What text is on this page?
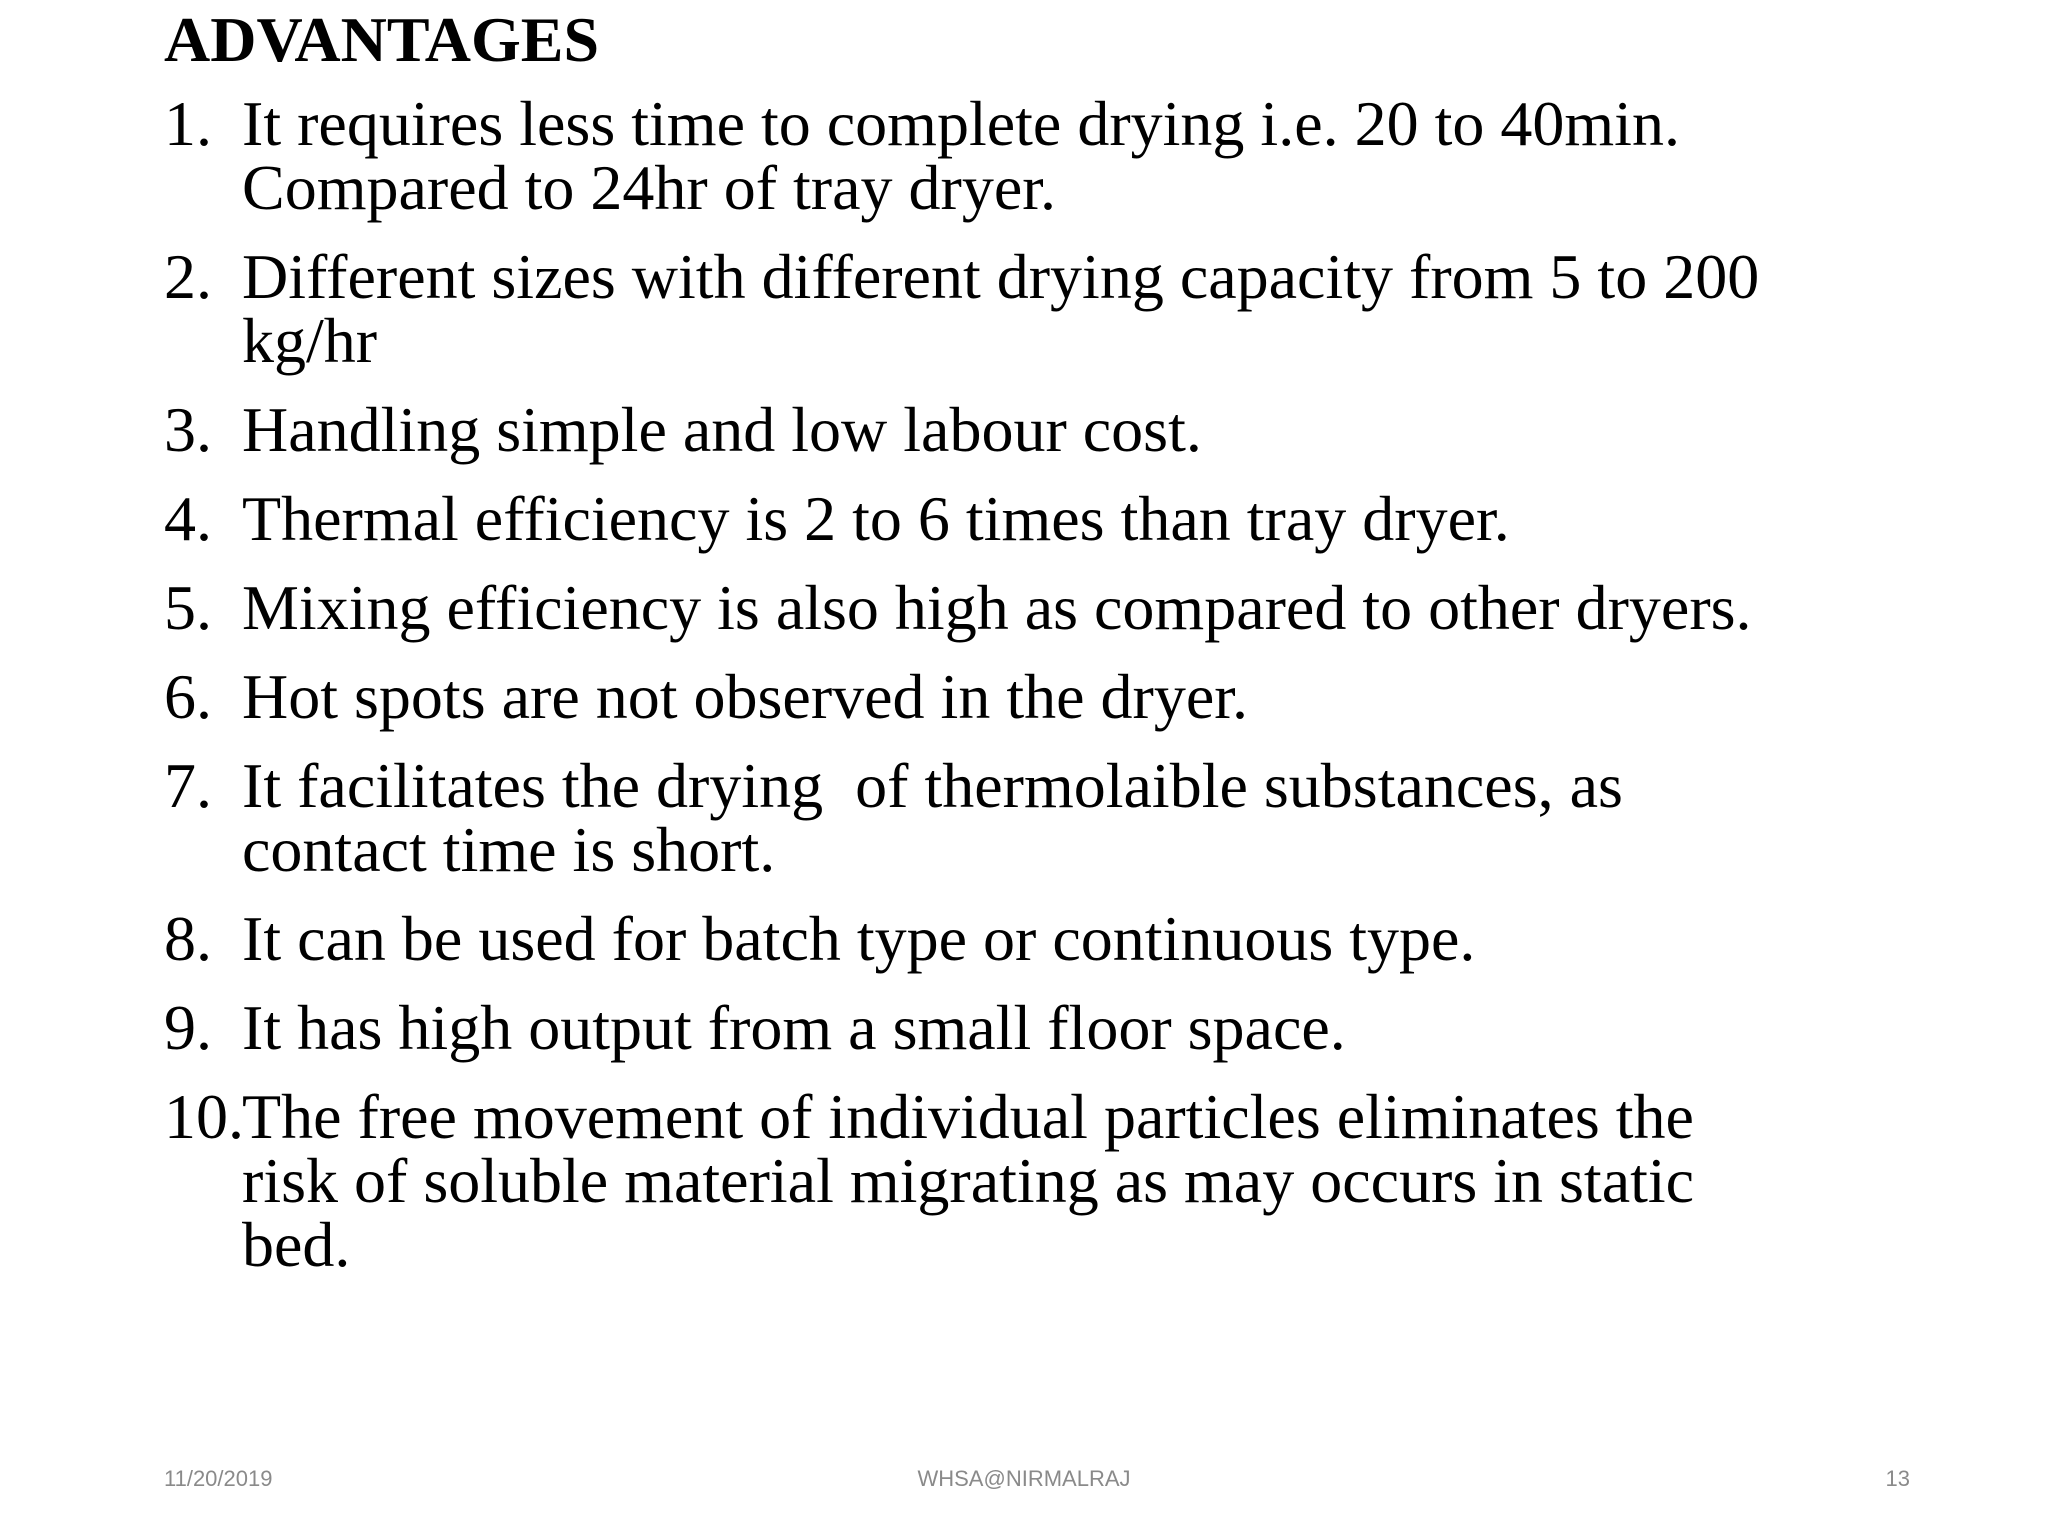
ADVANTAGES
1. It requires less time to complete drying i.e. 20 to 40min.
Compared to 24hr of tray dryer.
2. Different sizes with different drying capacity from 5 to 200
kg/hr
3. Handling simple and low labour cost.
4. Thermal efficiency is 2 to 6 times than tray dryer.
5. Mixing efficiency is also high as compared to other dryers.
6. Hot spots are not observed in the dryer.
7. It facilitates the drying  of thermolaible substances, as
contact time is short.
8. It can be used for batch type or continuous type.
9. It has high output from a small floor space.
10.
The free movement of individual particles eliminates the
risk of soluble material migrating as may occurs in static
bed.
11/20/2019	WHSA@NIRMALRAJ	13
